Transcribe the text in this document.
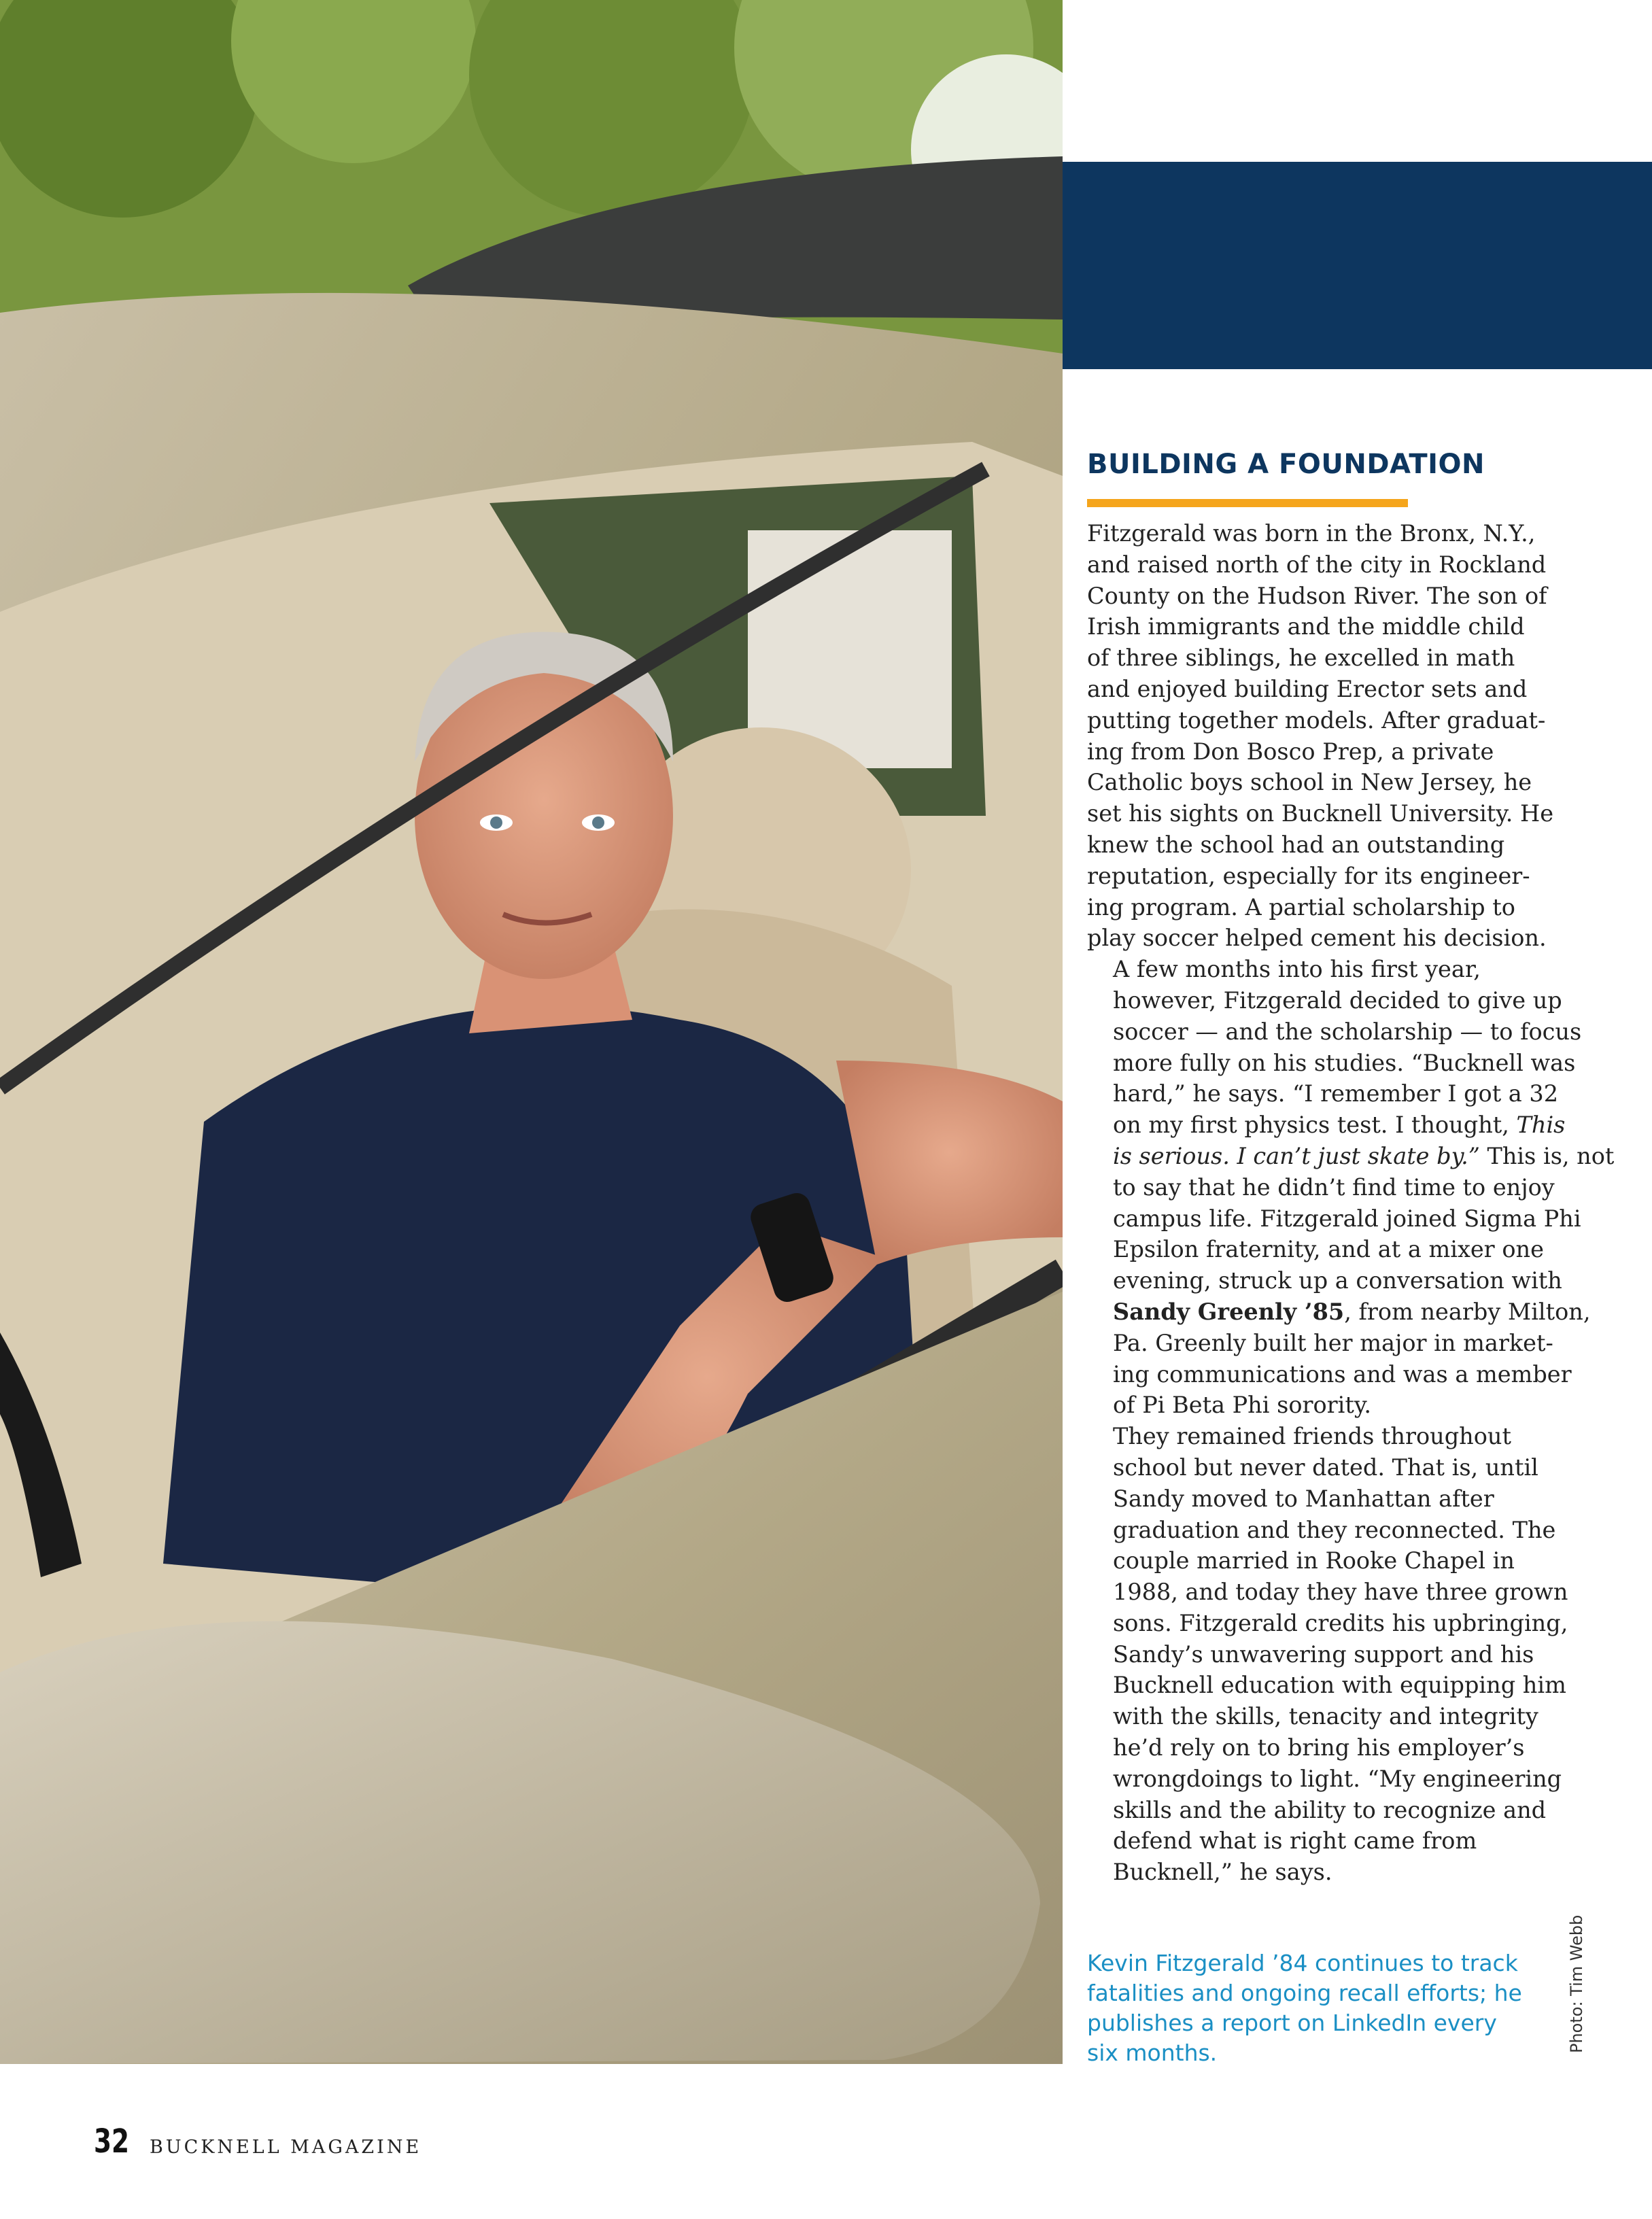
BUILDING A FOUNDATION

Fitzgerald was born in the Bronx, N.Y.,
and raised north of the city in Rockland
County on the Hudson River. The son of
Irish immigrants and the middle child
of three siblings, he excelled in math
and enjoyed building Erector sets and
putting together models. After graduat-
ing from Don Bosco Prep, a private
Catholic boys school in New Jersey, he
set his sights on Bucknell University. He
knew the school had an outstanding
reputation, especially for its engineer-
ing program. A partial scholarship to
play soccer helped cement his decision.

A few months into his first year,
however, Fitzgerald decided to give up
soccer — and the scholarship — to focus
more fully on his studies. “Bucknell was
hard,” he says. “I remember I got a 32
on my first physics test. I thought, This
is serious. I can’t just skate by.” This is, not
to say that he didn’t find time to enjoy
campus life. Fitzgerald joined Sigma Phi
Epsilon fraternity, and at a mixer one
evening, struck up a conversation with
Sandy Greenly ’85, from nearby Milton,
Pa. Greenly built her major in market-
ing communications and was a member
of Pi Beta Phi sorority.

They remained friends throughout
school but never dated. That is, until
Sandy moved to Manhattan after
graduation and they reconnected. The
couple married in Rooke Chapel in
1988, and today they have three grown
sons. Fitzgerald credits his upbringing,
Sandy’s unwavering support and his
Bucknell education with equipping him
with the skills, tenacity and integrity
he’d rely on to bring his employer’s
wrongdoings to light. “My engineering
skills and the ability to recognize and
defend what is right came from
Bucknell,” he says.

Kevin Fitzgerald ’84 continues to track
fatalities and ongoing recall efforts; he
publishes a report on LinkedIn every
six months.	Photo: Tim Webb
32 BUCKNELL MAGAZINE
